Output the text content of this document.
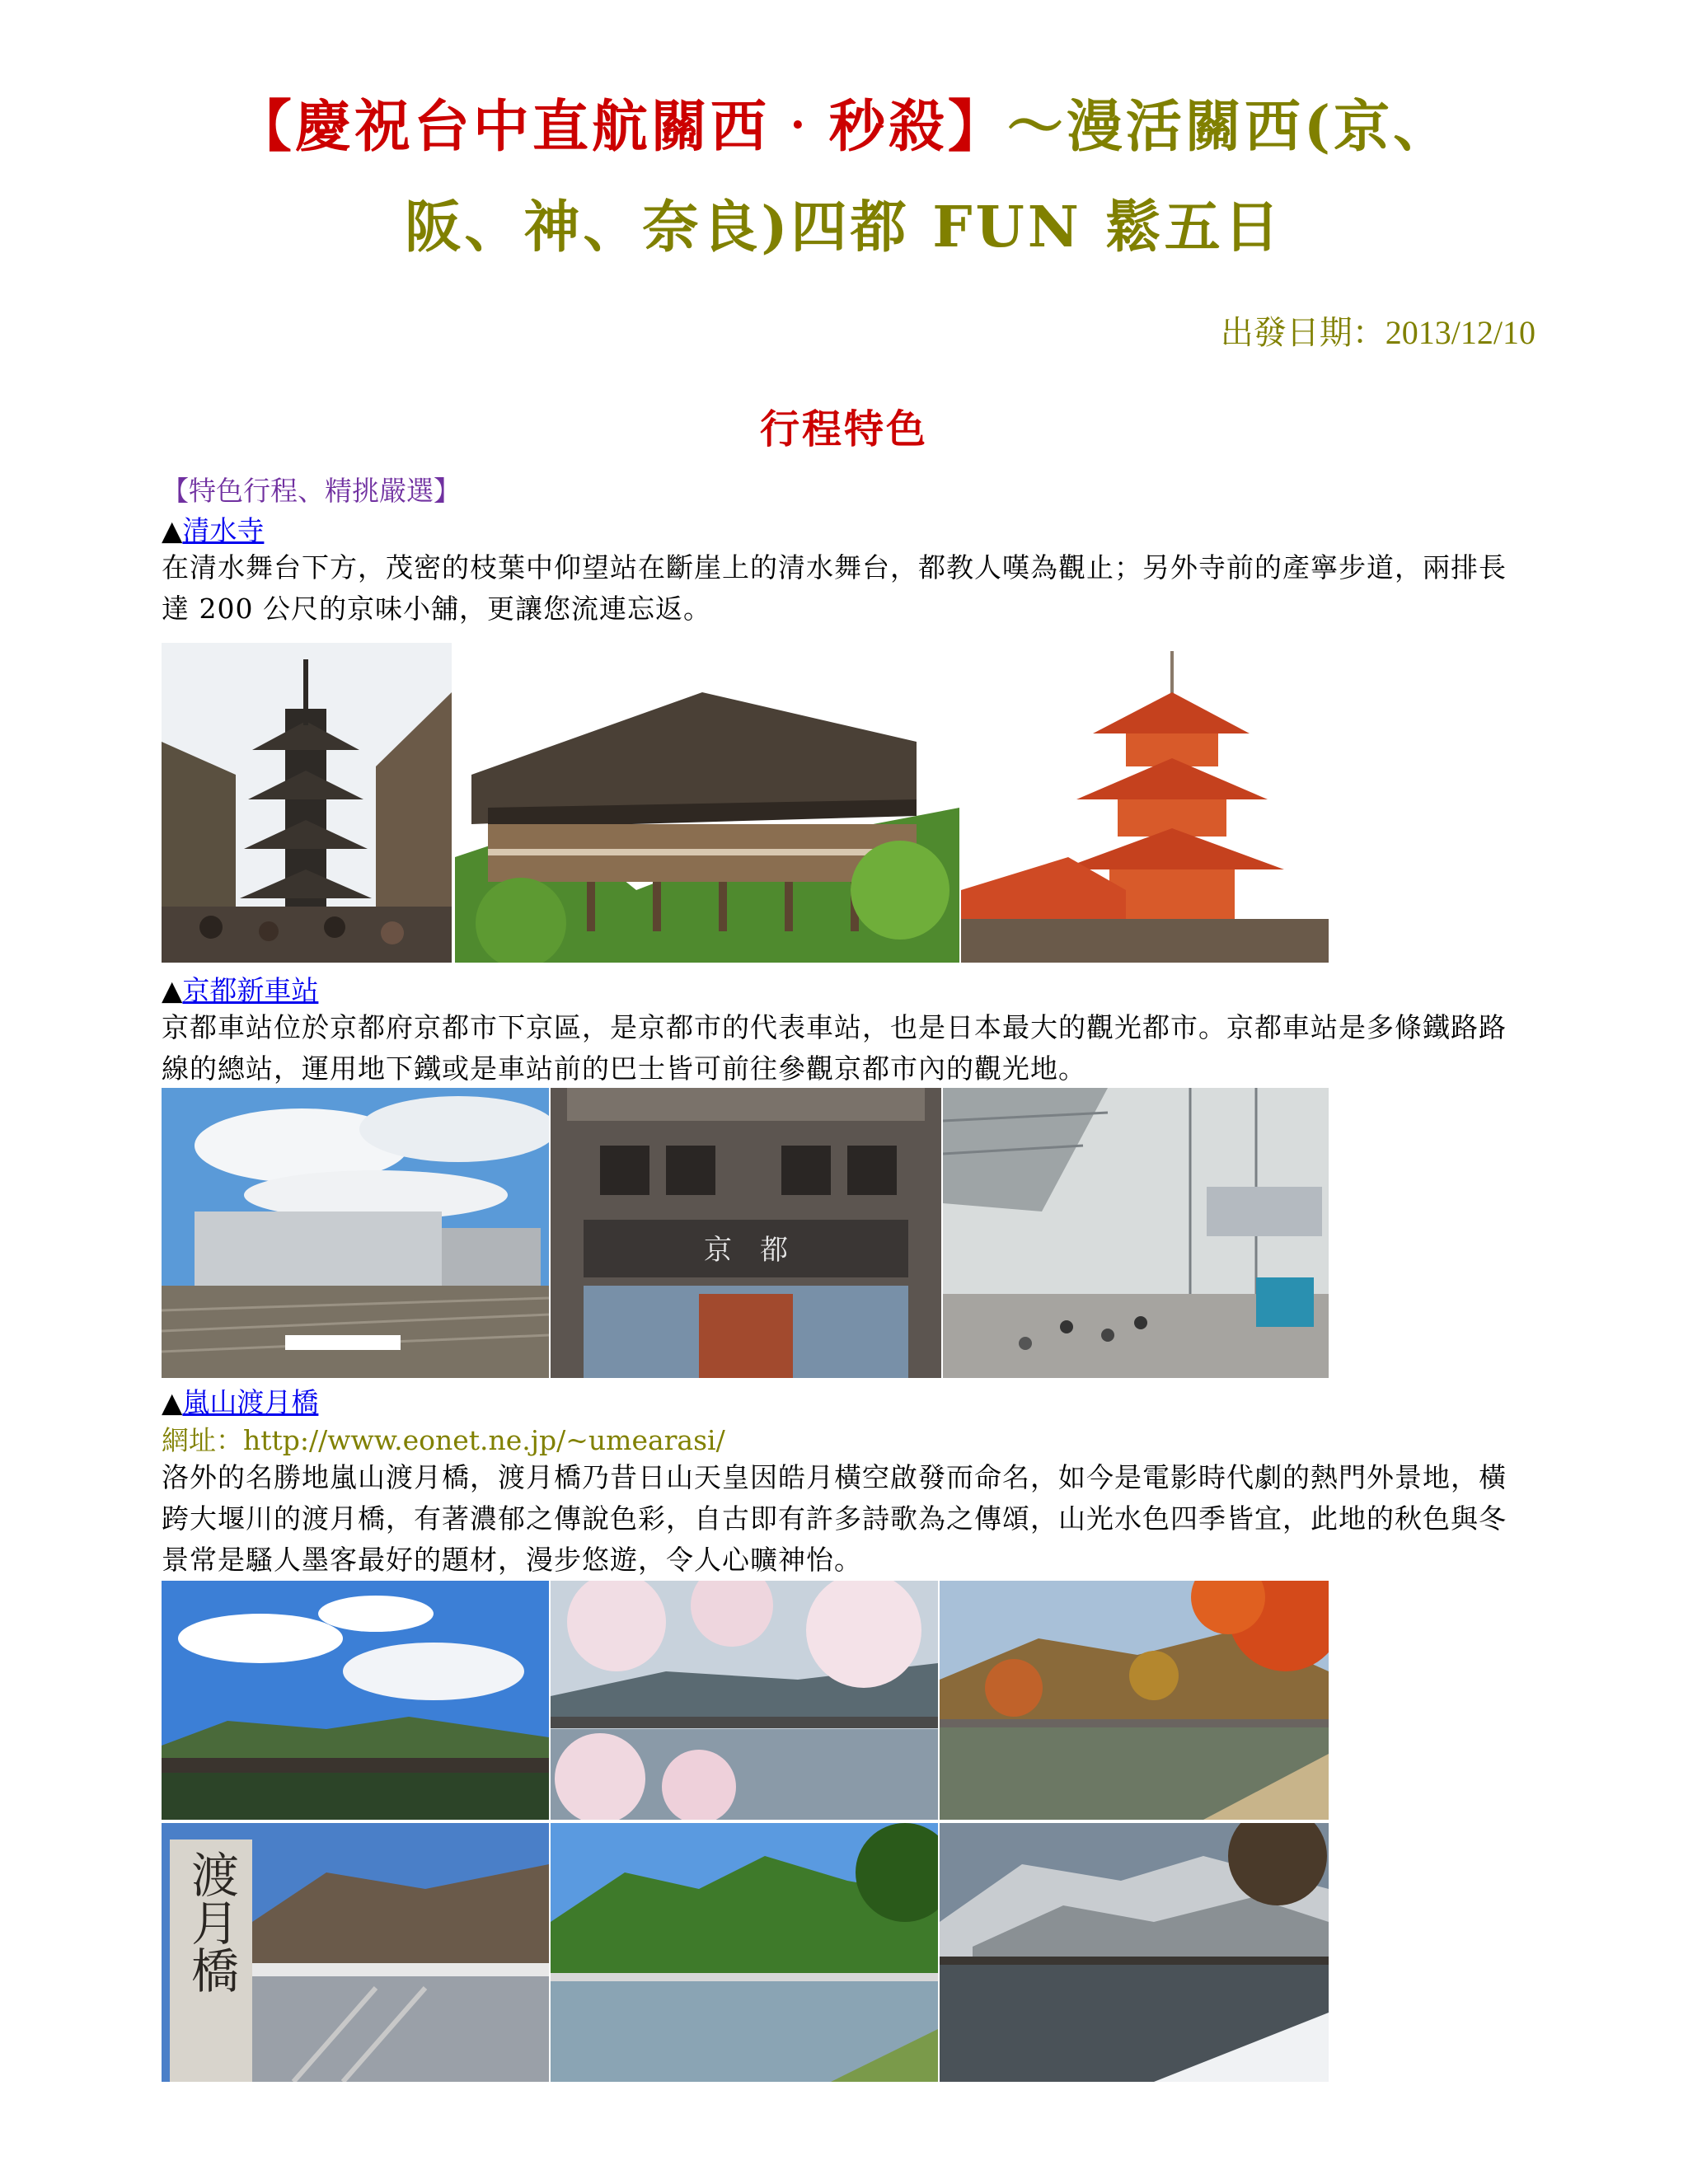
【慶祝台中直航關西‧秒殺】～漫活關西(京、
阪、神、奈良)四都 FUN 鬆五日
出發日期：2013/12/10
行程特色
【特色行程、精挑嚴選】
▲清水寺
在清水舞台下方，茂密的枝葉中仰望站在斷崖上的清水舞台，都教人嘆為觀止；另外寺前的產寧步道，兩排長達 200 公尺的京味小舖，更讓您流連忘返。
▲京都新車站
京都車站位於京都府京都市下京區，是京都市的代表車站，也是日本最大的觀光都市。京都車站是多條鐵路路線的總站，運用地下鐵或是車站前的巴士皆可前往參觀京都市內的觀光地。
京　都
▲嵐山渡月橋
網址：http://www.eonet.ne.jp/~umearasi/
洛外的名勝地嵐山渡月橋，渡月橋乃昔日山天皇因皓月橫空啟發而命名，如今是電影時代劇的熱門外景地，橫跨大堰川的渡月橋，有著濃郁之傳說色彩，自古即有許多詩歌為之傳頌，山光水色四季皆宜，此地的秋色與冬景常是騷人墨客最好的題材，漫步悠遊，令人心曠神怡。
渡月橋
